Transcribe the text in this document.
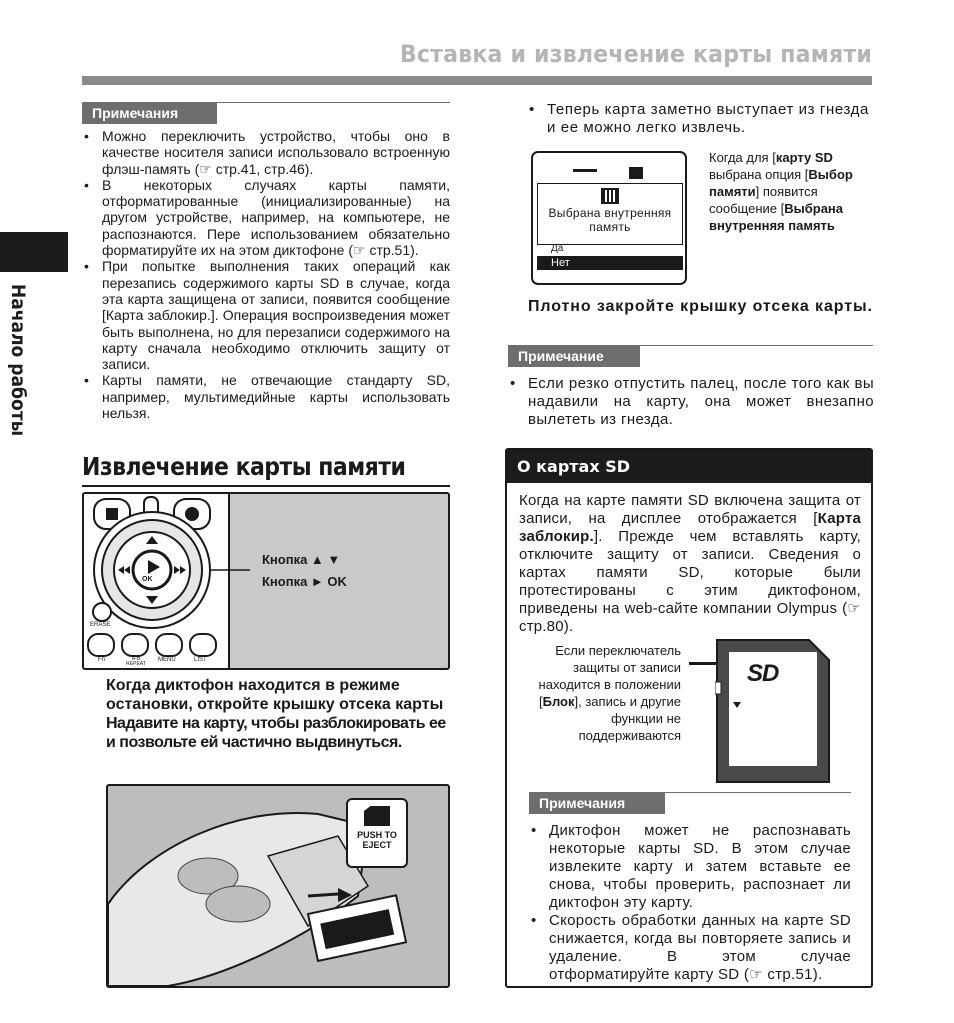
Вставка и извлечение карты памяти
Начало работы
Примечания
• Можно переключить устройство, чтобы оно в качестве носителя записи использовало встроенную флэш-память (☞ стр.41, стр.46).
• В некоторых случаях карты памяти, отформатированные (инициализированные) на другом устройстве, например, на компьютере, не распознаются. Пере использованием обязательно форматируйте их на этом диктофоне (☞ стр.51).
• При попытке выполнения таких операций как перезапись содержимого карты SD в случае, когда эта карта защищена от записи, появится сообщение [Карта заблокир.]. Операция воспроизведения может быть выполнена, но для перезаписи содержимого на карту сначала необходимо отключить защиту от записи.
• Карты памяти, не отвечающие стандарту SD, например, мультимедийные карты использовать нельзя.
Извлечение карты памяти
OK
ERASE
Fn	A-B REPEAT
MENU	LIST
Кнопка ▲ ▼
Кнопка ► OK
Когда диктофон находится в режиме остановки, откройте крышку отсека карты
Надавите на карту, чтобы разблокировать ее и позвольте ей частично выдвинуться.
PUSH TO EJECT
• Теперь карта заметно выступает из гнезда и ее можно легко извлечь.
Выбрана внутренняя память
Да
Нет
Когда для [карту SD выбрана опция [Выбор памяти] появится сообщение [Выбрана внутренняя память
Плотно закройте крышку отсека карты.
Примечание
• Если резко отпустить палец, после того как вы надавили на карту, она может внезапно вылететь из гнезда.
О картах SD
Когда на карте памяти SD включена защита от записи, на дисплее отображается [Карта заблокир.]. Прежде чем вставлять карту, отключите защиту от записи. Сведения о картах памяти SD, которые были протестированы с этим диктофоном, приведены на web-сайте компании Olympus (☞ стр.80).
Если переключатель защиты от записи находится в положении [Блок], запись и другие функции не поддерживаются
SD
Примечания
• Диктофон может не распознавать некоторые карты SD. В этом случае извлеките карту и затем вставьте ее снова, чтобы проверить, распознает ли диктофон эту карту.
• Скорость обработки данных на карте SD снижается, когда вы повторяете запись и удаление. В этом случае отформатируйте карту SD (☞ стр.51).
